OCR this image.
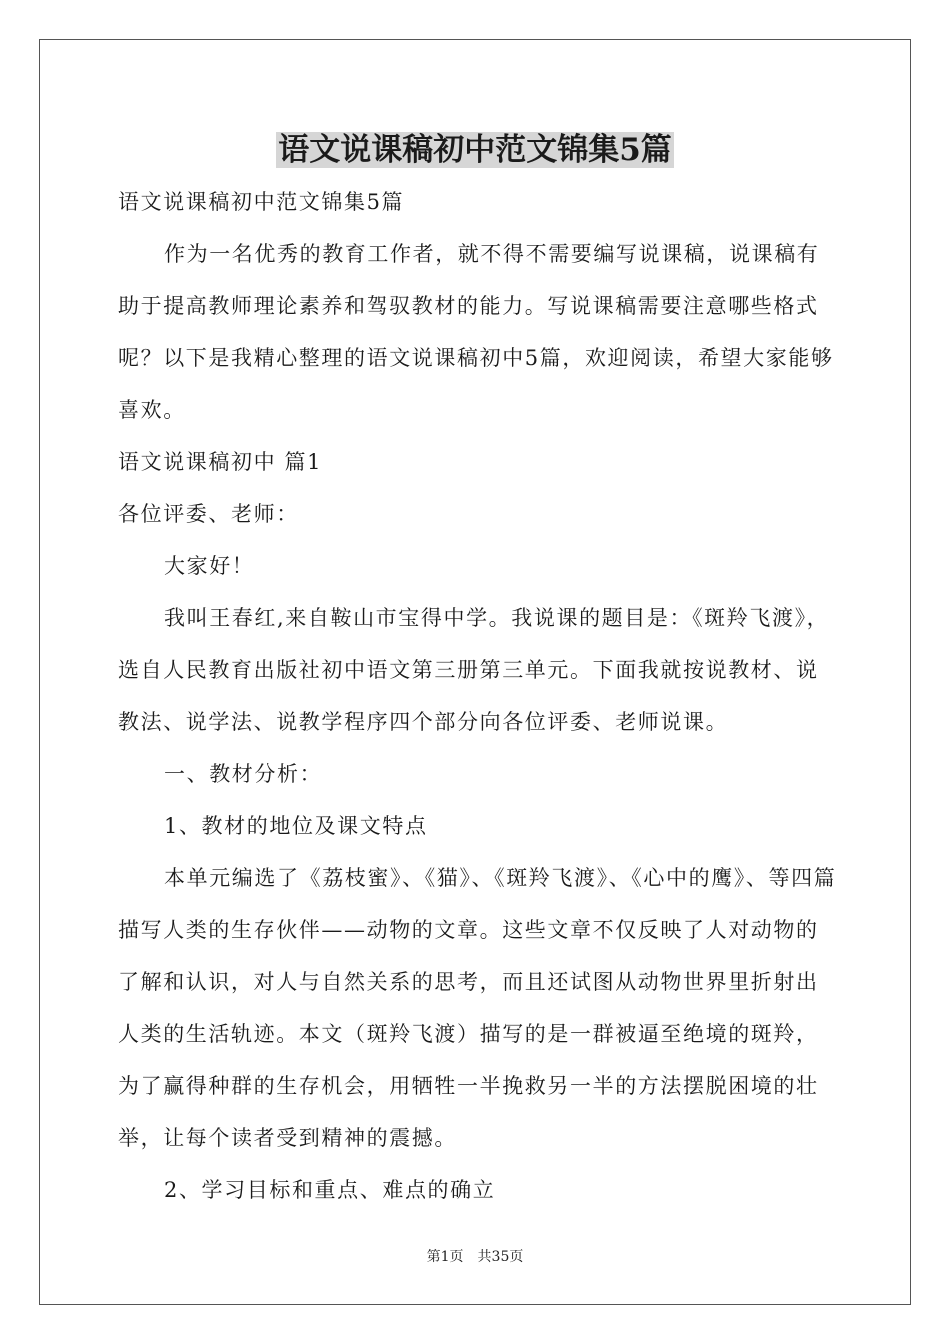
语文说课稿初中范文锦集5篇

语文说课稿初中范文锦集5篇

作为一名优秀的教育工作者，就不得不需要编写说课稿，说课稿有助于提高教师理论素养和驾驭教材的能力。写说课稿需要注意哪些格式呢？以下是我精心整理的语文说课稿初中5篇，欢迎阅读，希望大家能够喜欢。

语文说课稿初中 篇1

各位评委、老师：

大家好！

我叫王春红,来自鞍山市宝得中学。我说课的题目是：《斑羚飞渡》，选自人民教育出版社初中语文第三册第三单元。下面我就按说教材、说教法、说学法、说教学程序四个部分向各位评委、老师说课。

一、教材分析：

1、教材的地位及课文特点

本单元编选了《荔枝蜜》、《猫》、《斑羚飞渡》、《心中的鹰》、等四篇描写人类的生存伙伴——动物的文章。这些文章不仅反映了人对动物的了解和认识，对人与自然关系的思考，而且还试图从动物世界里折射出人类的生活轨迹。本文（斑羚飞渡）描写的是一群被逼至绝境的斑羚，为了赢得种群的生存机会，用牺牲一半挽救另一半的方法摆脱困境的壮举，让每个读者受到精神的震撼。

2、学习目标和重点、难点的确立

第1页 共35页
